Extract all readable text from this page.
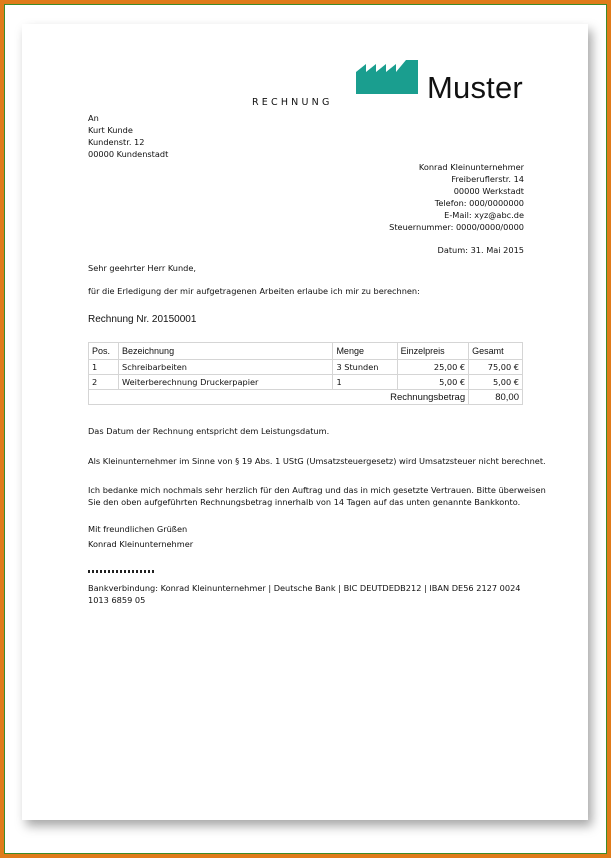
RECHNUNG	Muster
An
Kurt Kunde
Kundenstr. 12
00000 Kundenstadt
Konrad Kleinunternehmer
Freiberuflerstr. 14
00000 Werkstadt
Telefon: 000/0000000
E-Mail: xyz@abc.de
Steuernummer: 0000/0000/0000
Datum: 31. Mai 2015
Sehr geehrter Herr Kunde,
für die Erledigung der mir aufgetragenen Arbeiten erlaube ich mir zu berechnen:
Rechnung Nr. 20150001
Pos.	Bezeichnung	Menge	Einzelpreis	Gesamt
1	Schreibarbeiten	3 Stunden	25,00 €	75,00 €
2	Weiterberechnung Druckerpapier	1	5,00 €	5,00 €
Rechnungsbetrag				80,00
Das Datum der Rechnung entspricht dem Leistungsdatum.
Als Kleinunternehmer im Sinne von § 19 Abs. 1 UStG (Umsatzsteuergesetz) wird Umsatzsteuer nicht berechnet.
Ich bedanke mich nochmals sehr herzlich für den Auftrag und das in mich gesetzte Vertrauen. Bitte überweisen
Sie den oben aufgeführten Rechnungsbetrag innerhalb von 14 Tagen auf das unten genannte Bankkonto.
Mit freundlichen Grüßen
Konrad Kleinunternehmer
Bankverbindung: Konrad Kleinunternehmer | Deutsche Bank | BIC DEUTDEDB212 | IBAN DE56 2127 0024 1013 6859 05
